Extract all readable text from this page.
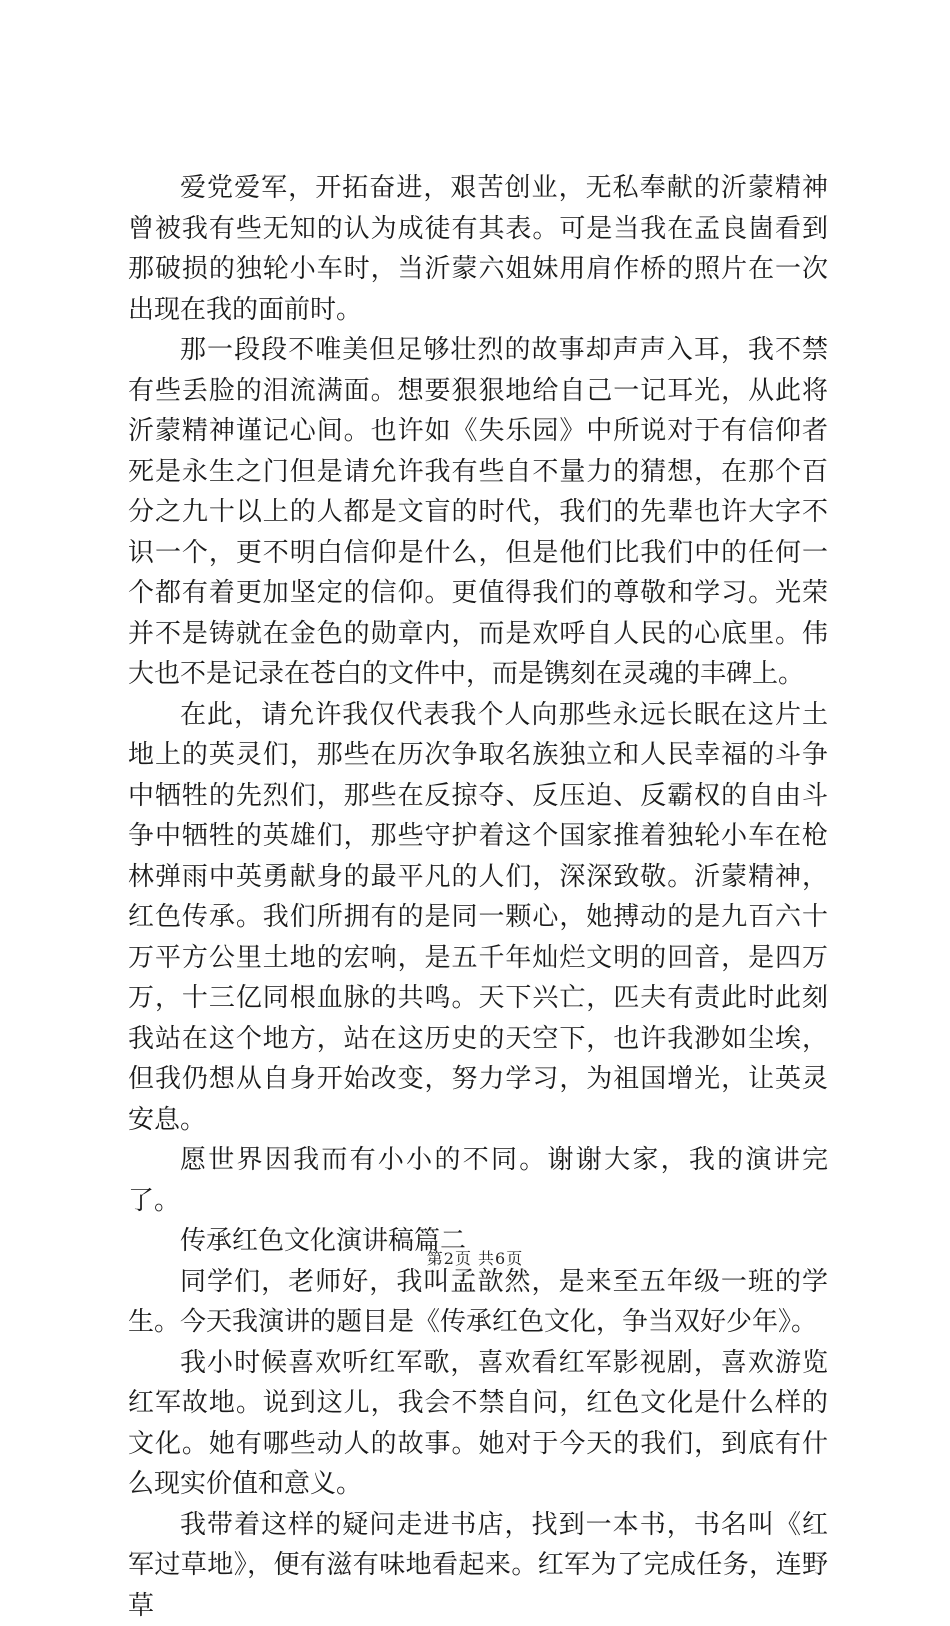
爱党爱军，开拓奋进，艰苦创业，无私奉献的沂蒙精神曾被我有些无知的认为成徒有其表。可是当我在孟良崮看到那破损的独轮小车时，当沂蒙六姐妹用肩作桥的照片在一次出现在我的面前时。

那一段段不唯美但足够壮烈的故事却声声入耳，我不禁有些丢脸的泪流满面。想要狠狠地给自己一记耳光，从此将沂蒙精神谨记心间。也许如《失乐园》中所说对于有信仰者死是永生之门但是请允许我有些自不量力的猜想，在那个百分之九十以上的人都是文盲的时代，我们的先辈也许大字不识一个，更不明白信仰是什么，但是他们比我们中的任何一个都有着更加坚定的信仰。更值得我们的尊敬和学习。光荣并不是铸就在金色的勋章内，而是欢呼自人民的心底里。伟大也不是记录在苍白的文件中，而是镌刻在灵魂的丰碑上。

在此，请允许我仅代表我个人向那些永远长眠在这片土地上的英灵们，那些在历次争取名族独立和人民幸福的斗争中牺牲的先烈们，那些在反掠夺、反压迫、反霸权的自由斗争中牺牲的英雄们，那些守护着这个国家推着独轮小车在枪林弹雨中英勇献身的最平凡的人们，深深致敬。沂蒙精神，红色传承。我们所拥有的是同一颗心，她搏动的是九百六十万平方公里土地的宏响，是五千年灿烂文明的回音，是四万万，十三亿同根血脉的共鸣。天下兴亡，匹夫有责此时此刻我站在这个地方，站在这历史的天空下，也许我渺如尘埃，但我仍想从自身开始改变，努力学习，为祖国增光，让英灵安息。

愿世界因我而有小小的不同。谢谢大家，我的演讲完了。

传承红色文化演讲稿篇二

同学们，老师好，我叫孟歆然，是来至五年级一班的学生。今天我演讲的题目是《传承红色文化，争当双好少年》。

我小时候喜欢听红军歌，喜欢看红军影视剧，喜欢游览红军故地。说到这儿，我会不禁自问，红色文化是什么样的文化。她有哪些动人的故事。她对于今天的我们，到底有什么现实价值和意义。

我带着这样的疑问走进书店，找到一本书，书名叫《红军过草地》，便有滋有味地看起来。红军为了完成任务，连野草

第2页 共6页
